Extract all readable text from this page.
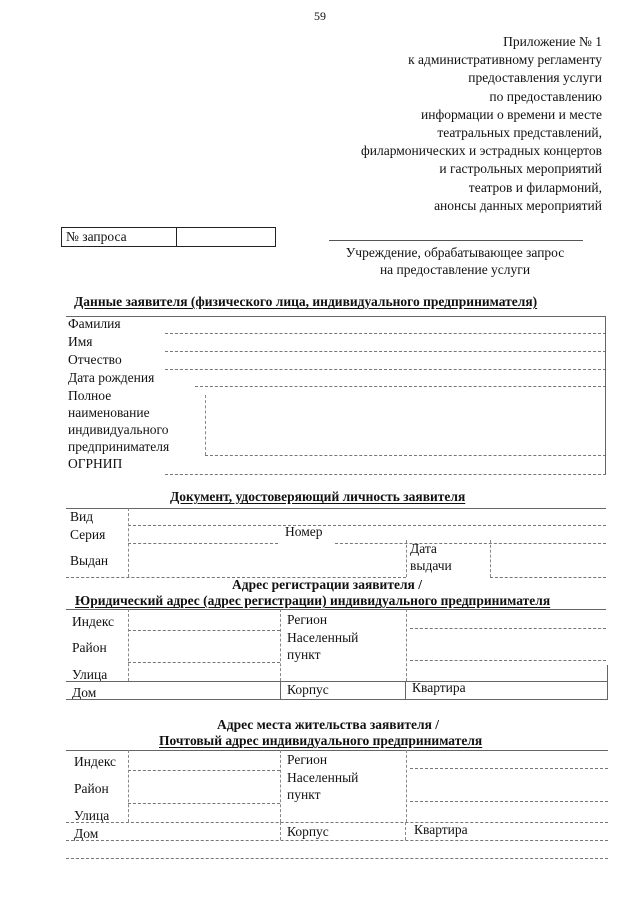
59
Приложение № 1
к административному регламенту
предоставления услуги
по предоставлению
информации о времени и месте
театральных представлений,
филармонических и эстрадных концертов
и гастрольных мероприятий
театров и филармоний,
анонсы данных мероприятий
№ запроса
Учреждение, обрабатывающее запрос
на предоставление услуги
Данные заявителя (физического лица, индивидуального предпринимателя)
Фамилия
Имя
Отчество
Дата рождения
Полное
наименование
индивидуального
предпринимателя
ОГРНИП
Документ, удостоверяющий личность заявителя
Вид
Серия	Номер
Выдан
Дата
выдачи
Адрес регистрации заявителя /
Юридический адрес (адрес регистрации) индивидуального предпринимателя
Индекс	Регион
Населенный
пункт
Район
Улица
Дом	Корпус	Квартира
Адрес места жительства заявителя /
Почтовый адрес индивидуального предпринимателя
Индекс	Регион
Населенный
пункт
Район
Улица
Дом	Корпус	Квартира
